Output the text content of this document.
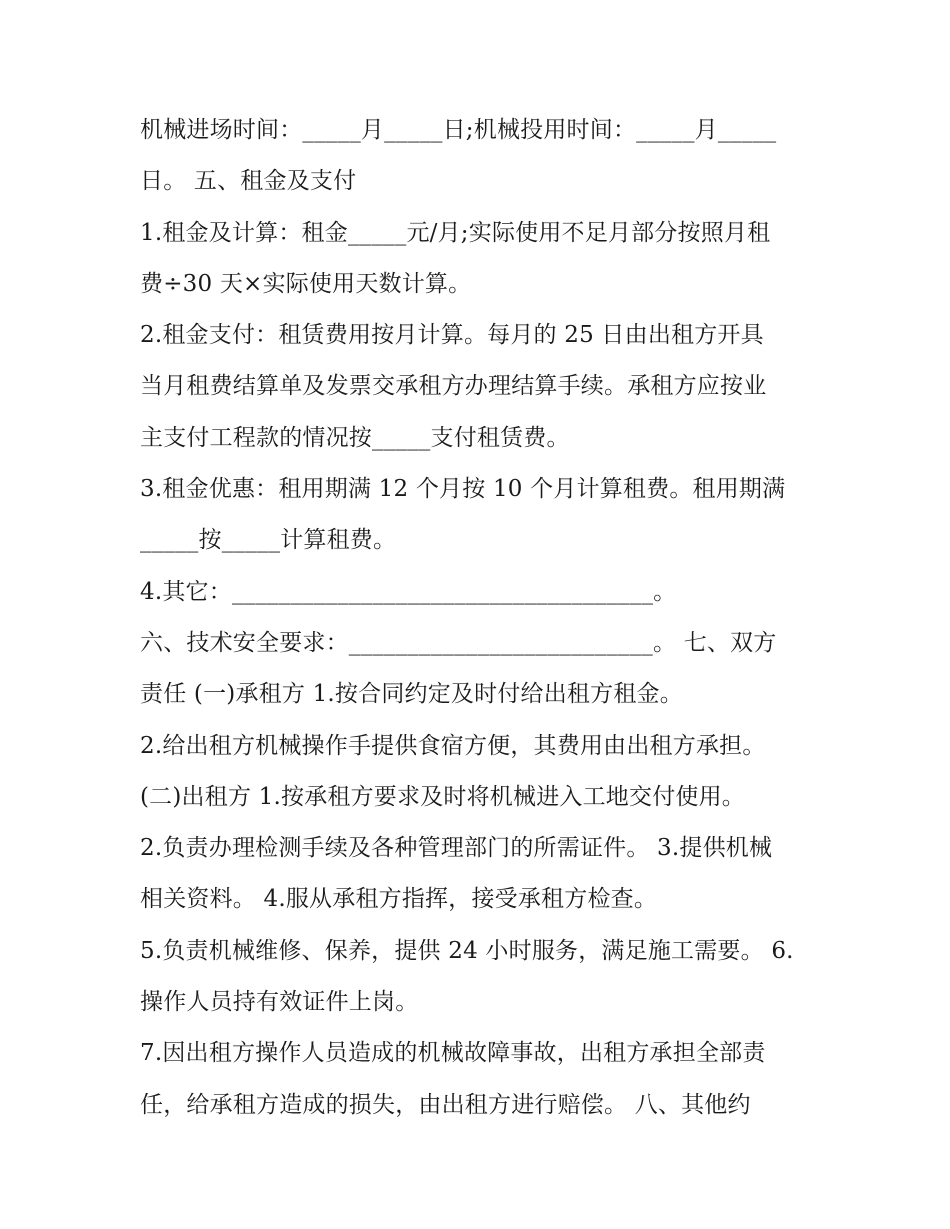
机械进场时间：_____月_____日;机械投用时间：_____月_____
日。 五、租金及支付
1.租金及计算：租金_____元/月;实际使用不足月部分按照月租
费÷30 天×实际使用天数计算。
2.租金支付：租赁费用按月计算。每月的 25 日由出租方开具
当月租费结算单及发票交承租方办理结算手续。承租方应按业
主支付工程款的情况按_____支付租赁费。
3.租金优惠：租用期满 12 个月按 10 个月计算租费。租用期满
_____按_____计算租费。
4.其它：____________________________________。
六、技术安全要求：__________________________。 七、双方
责任 (一)承租方 1.按合同约定及时付给出租方租金。
2.给出租方机械操作手提供食宿方便，其费用由出租方承担。
(二)出租方 1.按承租方要求及时将机械进入工地交付使用。
2.负责办理检测手续及各种管理部门的所需证件。 3.提供机械
相关资料。 4.服从承租方指挥，接受承租方检查。
5.负责机械维修、保养，提供 24 小时服务，满足施工需要。 6.
操作人员持有效证件上岗。
7.因出租方操作人员造成的机械故障事故，出租方承担全部责
任，给承租方造成的损失，由出租方进行赔偿。 八、其他约
